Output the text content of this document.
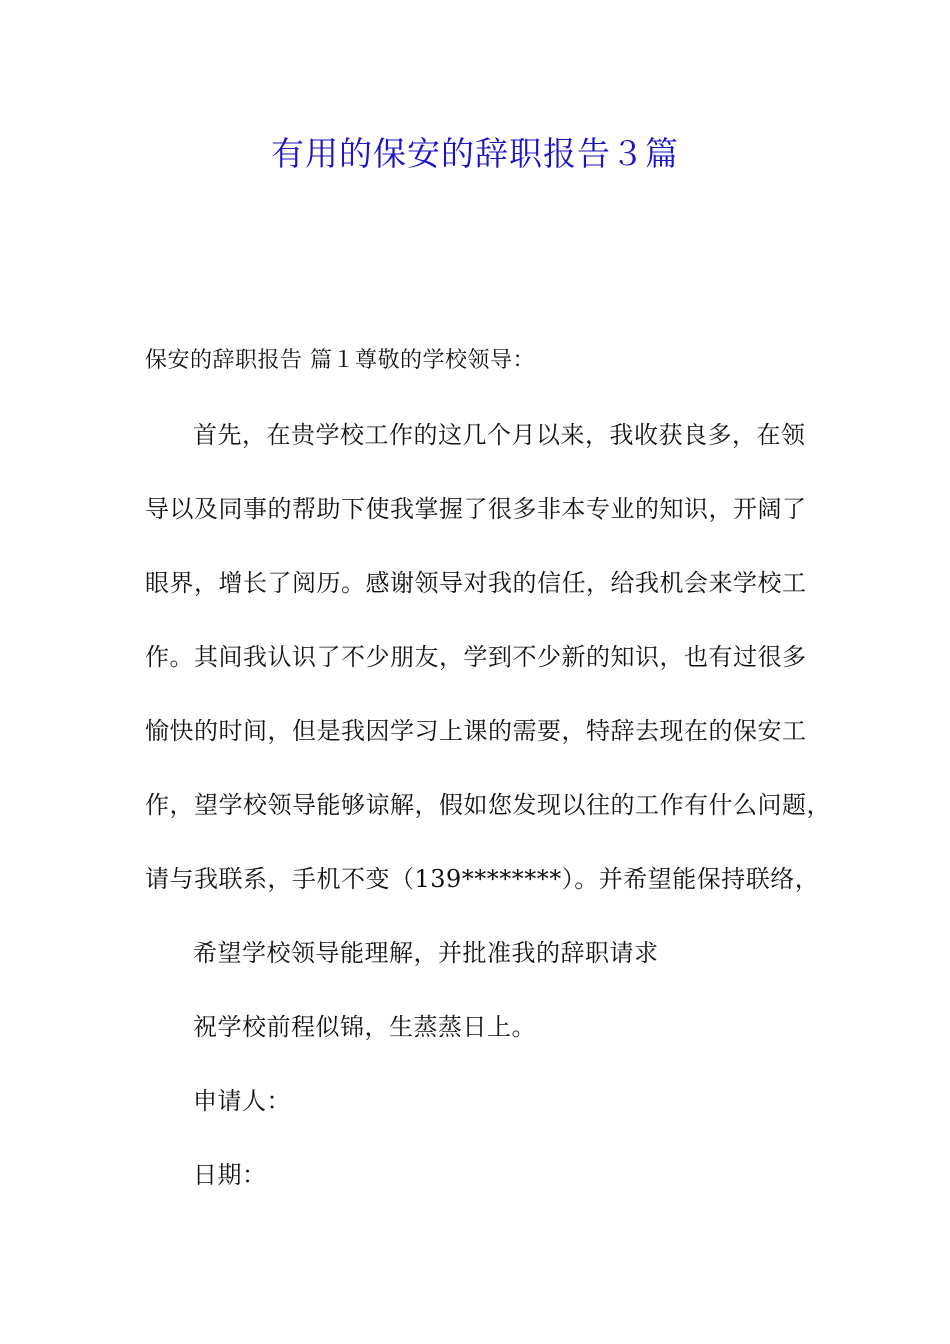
有用的保安的辞职报告３篇
保安的辞职报告 篇１尊敬的学校领导：
首先，在贵学校工作的这几个月以来，我收获良多，在领
导以及同事的帮助下使我掌握了很多非本专业的知识，开阔了
眼界，增长了阅历。感谢领导对我的信任，给我机会来学校工
作。其间我认识了不少朋友，学到不少新的知识，也有过很多
愉快的时间，但是我因学习上课的需要，特辞去现在的保安工
作，望学校领导能够谅解，假如您发现以往的工作有什么问题，
请与我联系，手机不变（139********）。并希望能保持联络，
希望学校领导能理解，并批准我的辞职请求
祝学校前程似锦，生蒸蒸日上。
申请人：
日期：
